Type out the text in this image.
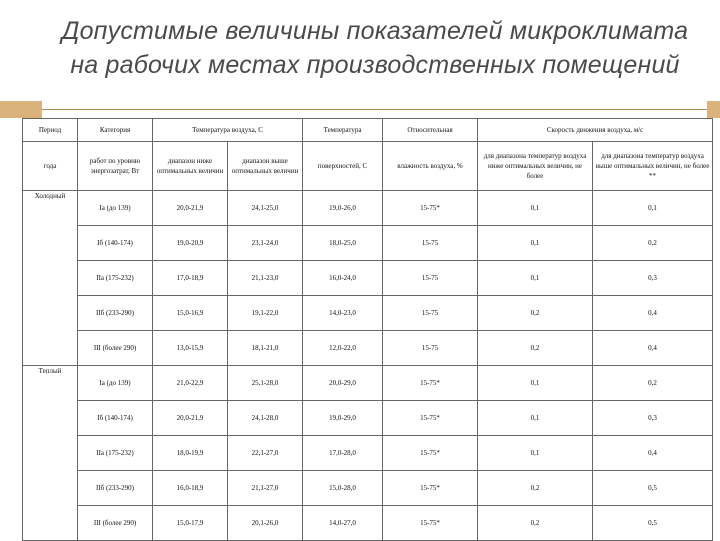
Допустимые величины показателей микроклимата
на рабочих местах производственных помещений
Период	Категория	Температура воздуха, С		Температура	Относительная	Скорость движения воздуха, м/с	
года	работ по уровню энергозатрат, Вт	диапазон ниже оптимальных величин	диапазон выше оптимальных величин	поверхностей, С	влажность воздуха, %	для диапазона температур воздуха ниже оптимальных величин, не более	для диапазона температур воздуха выше оптимальных величин, не более **

Холодный	Iа (до 139)	20,0-21,9	24,1-25,0	19,0-26,0	15-75*	0,1	0,1
	Iб (140-174)	19,0-20,9	23,1-24,0	18,0-25,0	15-75	0,1	0,2
	IIа (175-232)	17,0-18,9	21,1-23,0	16,0-24,0	15-75	0,1	0,3
	IIб (233-290)	15,0-16,9	19,1-22,0	14,0-23,0	15-75	0,2	0,4
	III (более 290)	13,0-15,9	18,1-21,0	12,0-22,0	15-75	0,2	0,4

Теплый	Iа (до 139)	21,0-22,9	25,1-28,0	20,0-29,0	15-75*	0,1	0,2
	Iб (140-174)	20,0-21,9	24,1-28,0	19,0-29,0	15-75*	0,1	0,3
	IIа (175-232)	18,0-19,9	22,1-27,0	17,0-28,0	15-75*	0,1	0,4
	IIб (233-290)	16,0-18,9	21,1-27,0	15,0-28,0	15-75*	0,2	0,5
	III (более 290)	15,0-17,9	20,1-26,0	14,0-27,0	15-75*	0,2	0,5
